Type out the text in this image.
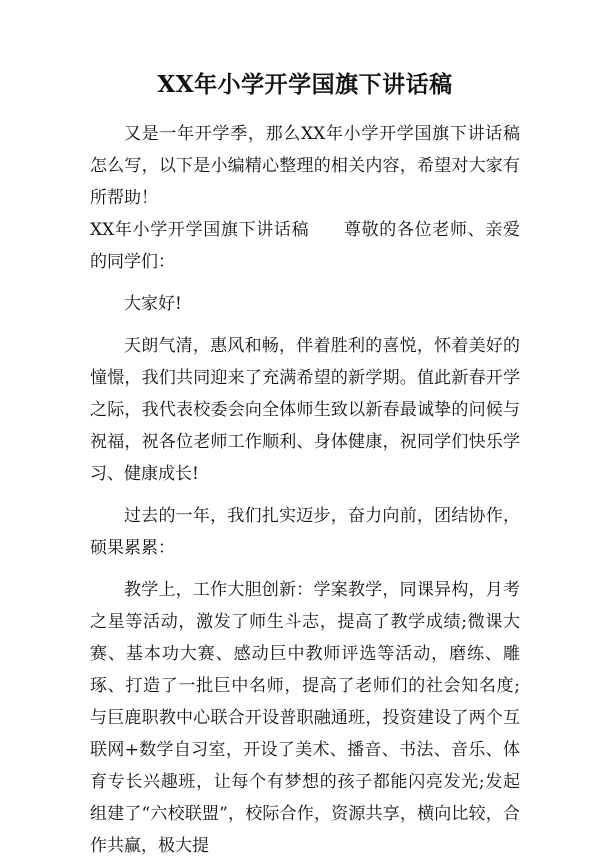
XX年小学开学国旗下讲话稿

又是一年开学季，那么XX年小学开学国旗下讲话稿怎么写，以下是小编精心整理的相关内容，希望对大家有所帮助！

XX年小学开学国旗下讲话稿 尊敬的各位老师、亲爱的同学们：

大家好!

天朗气清，惠风和畅，伴着胜利的喜悦，怀着美好的憧憬，我们共同迎来了充满希望的新学期。值此新春开学之际，我代表校委会向全体师生致以新春最诚挚的问候与祝福，祝各位老师工作顺利、身体健康，祝同学们快乐学习、健康成长!

过去的一年，我们扎实迈步，奋力向前，团结协作，硕果累累：

教学上，工作大胆创新：学案教学，同课异构，月考之星等活动，激发了师生斗志，提高了教学成绩;微课大赛、基本功大赛、感动巨中教师评选等活动，磨练、雕琢、打造了一批巨中名师，提高了老师们的社会知名度;与巨鹿职教中心联合开设普职融通班，投资建设了两个互联网+数学自习室，开设了美术、播音、书法、音乐、体育专长兴趣班，让每个有梦想的孩子都能闪亮发光;发起组建了“六校联盟”，校际合作，资源共享，横向比较，合作共赢，极大提
